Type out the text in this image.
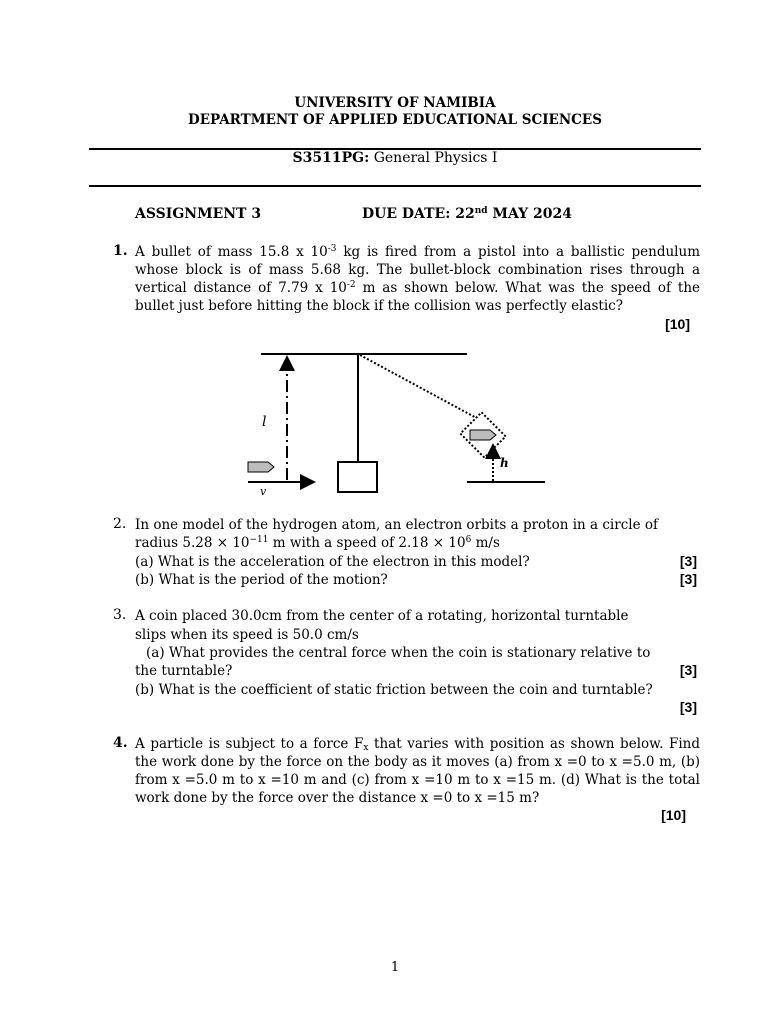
UNIVERSITY OF NAMIBIA
DEPARTMENT OF APPLIED EDUCATIONAL SCIENCES
S3511PG: General Physics I
ASSIGNMENT 3	DUE DATE: 22nd MAY 2024
1. A bullet of mass 15.8 x $10^{-3}$ kg is fired from a pistol into a ballistic pendulum whose block is of mass 5.68 kg. The bullet-block combination rises through a vertical distance of 7.79 x $10^{-2}$ m as shown below. What was the speed of the bullet just before hitting the block if the collision was perfectly elastic?
[10]
l
v
h
2. In one model of the hydrogen atom, an electron orbits a proton in a circle of
radius $5.28 \times 10^{-11}$ m with a speed of $2.18 \times 10^6$ m/s
(a) What is the acceleration of the electron in this model?	[3]
(b) What is the period of the motion?	[3]
3. A coin placed 30.0cm from the center of a rotating, horizontal turntable
slips when its speed is 50.0 cm/s
(a) What provides the central force when the coin is stationary relative to
the turntable?	[3]
(b) What is the coefficient of static friction between the coin and turntable?
[3]
4. A particle is subject to a force $F_x$ that varies with position as shown below. Find the work done by the force on the body as it moves (a) from x =0 to x =5.0 m, (b) from x =5.0 m to x =10 m and (c) from x =10 m to x =15 m. (d) What is the total work done by the force over the distance x =0 to x =15 m?
[10]
1
